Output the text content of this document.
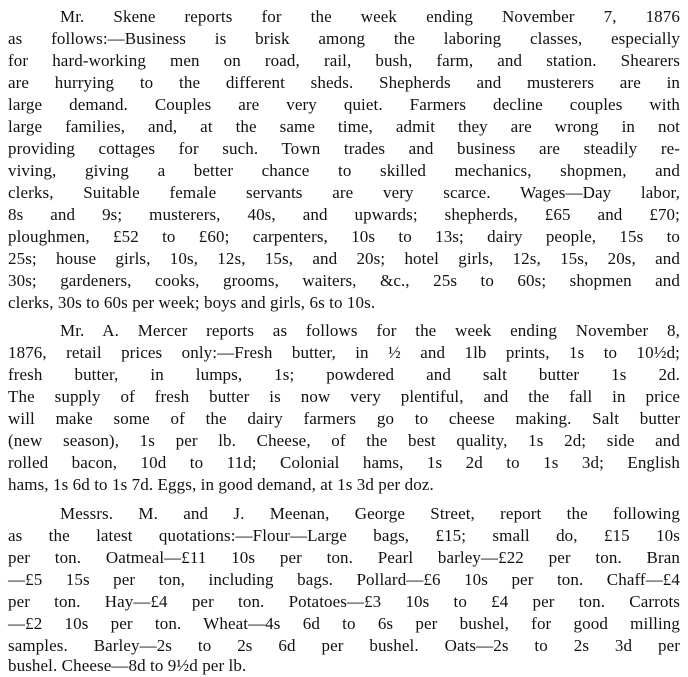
Mr. Skene reports for the week ending November 7, 1876
as follows:—Business is brisk among the laboring classes, especially
for hard-working men on road, rail, bush, farm, and station. Shearers
are hurrying to the different sheds. Shepherds and musterers are in
large demand. Couples are very quiet. Farmers decline couples with
large families, and, at the same time, admit they are wrong in not
providing cottages for such. Town trades and business are steadily re-
viving, giving a better chance to skilled mechanics, shopmen, and
clerks, Suitable female servants are very scarce. Wages—Day labor,
8s and 9s; musterers, 40s, and upwards; shepherds, £65 and £70;
ploughmen, £52 to £60; carpenters, 10s to 13s; dairy people, 15s to
25s; house girls, 10s, 12s, 15s, and 20s; hotel girls, 12s, 15s, 20s, and
30s; gardeners, cooks, grooms, waiters, &c., 25s to 60s; shopmen and
clerks, 30s to 60s per week; boys and girls, 6s to 10s.
Mr. A. Mercer reports as follows for the week ending November 8,
1876, retail prices only:—Fresh butter, in ½ and 1lb prints, 1s to 10½d;
fresh butter, in lumps, 1s; powdered and salt butter 1s 2d.
The supply of fresh butter is now very plentiful, and the fall in price
will make some of the dairy farmers go to cheese making. Salt butter
(new season), 1s per lb. Cheese, of the best quality, 1s 2d; side and
rolled bacon, 10d to 11d; Colonial hams, 1s 2d to 1s 3d; English
hams, 1s 6d to 1s 7d. Eggs, in good demand, at 1s 3d per doz.
Messrs. M. and J. Meenan, George Street, report the following
as the latest quotations:—Flour—Large bags, £15; small do, £15 10s
per ton. Oatmeal—£11 10s per ton. Pearl barley—£22 per ton. Bran
—£5 15s per ton, including bags. Pollard—£6 10s per ton. Chaff—£4
per ton. Hay—£4 per ton. Potatoes—£3 10s to £4 per ton. Carrots
—£2 10s per ton. Wheat—4s 6d to 6s per bushel, for good milling
samples. Barley—2s to 2s 6d per bushel. Oats—2s to 2s 3d per
bushel. Cheese—8d to 9½d per lb.
